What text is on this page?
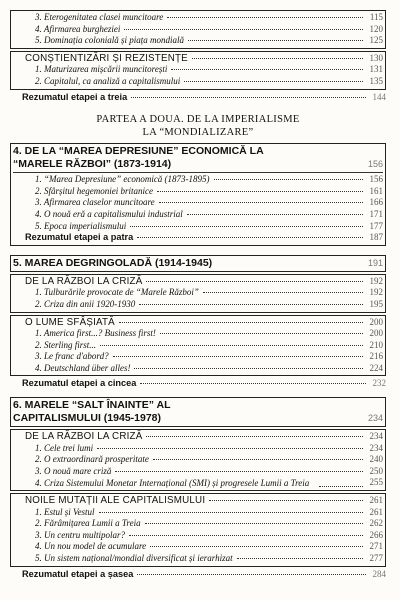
3. Eterogenitatea clasei muncitoare	115
4. Afirmarea burgheziei	120
5. Dominația colonială și piața mondială	125
CONȘTIENTIZĂRI ȘI REZISTENȚE	130
1. Maturizarea mișcării muncitorești	131
2. Capitalul, ca analiză a capitalismului	135
Rezumatul etapei a treia	144
PARTEA A DOUA. DE LA IMPERIALISME
LA “MONDIALIZARE”
4. DE LA “MAREA DEPRESIUNE” ECONOMICĂ LA
“MARELE RĂZBOI” (1873-1914)	156
1. “Marea Depresiune” economică (1873-1895)	156
2. Sfârșitul hegemoniei britanice	161
3. Afirmarea claselor muncitoare	166
4. O nouă eră a capitalismului industrial	171
5. Epoca imperialismului	177
Rezumatul etapei a patra	187
5. MAREA DEGRINGOLADĂ (1914-1945)	191
DE LA RĂZBOI LA CRIZĂ	192
1. Tulburările provocate de “Marele Război”	192
2. Criza din anii 1920-1930	195
O LUME SFÂȘIATĂ	200
1. America first...? Business first!	200
2. Sterling first...	210
3. Le franc d'abord?	216
4. Deutschland über alles!	224
Rezumatul etapei a cincea	232
6. MARELE “SALT ÎNAINTE” AL
CAPITALISMULUI (1945-1978)	234
DE LA RĂZBOI LA CRIZĂ	234
1. Cele trei lumi	234
2. O extraordinară prosperitate	240
3. O nouă mare criză	250
4. Criza Sistemului Monetar Internațional (SMI) și progresele Lumii a Treia	255
NOILE MUTAȚII ALE CAPITALISMULUI	261
1. Estul și Vestul	261
2. Fărâmițarea Lumii a Treia	262
3. Un centru multipolar?	266
4. Un nou model de acumulare	271
5. Un sistem național/mondial diversificat și ierarhizat	277
Rezumatul etapei a șasea	284
